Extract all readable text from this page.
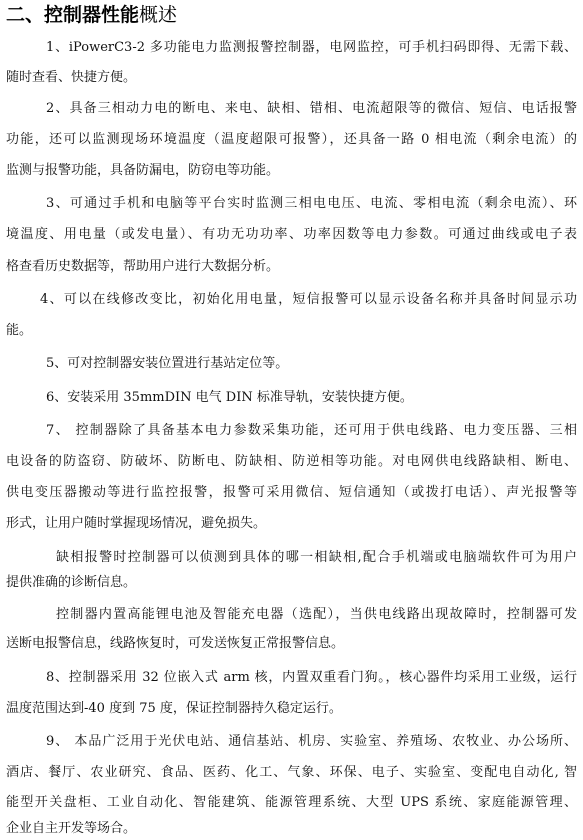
二、控制器性能概述
1、iPowerC3-2 多功能电力监测报警控制器，电网监控，可手机扫码即得、无需下载、
随时查看、快捷方便。
2、具备三相动力电的断电、来电、缺相、错相、电流超限等的微信、短信、电话报警
功能，还可以监测现场环境温度（温度超限可报警），还具备一路 0 相电流（剩余电流）的
监测与报警功能，具备防漏电，防窃电等功能。
3、可通过手机和电脑等平台实时监测三相电电压、电流、零相电流（剩余电流）、环
境温度、用电量（或发电量）、有功无功功率、功率因数等电力参数。可通过曲线或电子表
格查看历史数据等，帮助用户进行大数据分析。
4、可以在线修改变比，初始化用电量，短信报警可以显示设备名称并具备时间显示功
能。
5、可对控制器安装位置进行基站定位等。
6、安装采用 35mmDIN 电气 DIN 标准导轨，安装快捷方便。
7、 控制器除了具备基本电力参数采集功能，还可用于供电线路、电力变压器、三相
电设备的防盗窃、防破坏、防断电、防缺相、防逆相等功能。对电网供电线路缺相、断电、
供电变压器搬动等进行监控报警，报警可采用微信、短信通知（或拨打电话）、声光报警等
形式，让用户随时掌握现场情况，避免损失。
缺相报警时控制器可以侦测到具体的哪一相缺相,配合手机端或电脑端软件可为用户
提供准确的诊断信息。
控制器内置高能锂电池及智能充电器（选配），当供电线路出现故障时，控制器可发
送断电报警信息，线路恢复时，可发送恢复正常报警信息。
8、控制器采用 32 位嵌入式 arm 核，内置双重看门狗。，核心器件均采用工业级，运行
温度范围达到-40 度到 75 度，保证控制器持久稳定运行。
9、 本品广泛用于光伏电站、通信基站、机房、实验室、养殖场、农牧业、办公场所、
酒店、餐厅、农业研究、食品、医药、化工、气象、环保、电子、实验室、变配电自动化, 智
能型开关盘柜、工业自动化、智能建筑、能源管理系统、大型 UPS 系统、家庭能源管理、
企业自主开发等场合。
